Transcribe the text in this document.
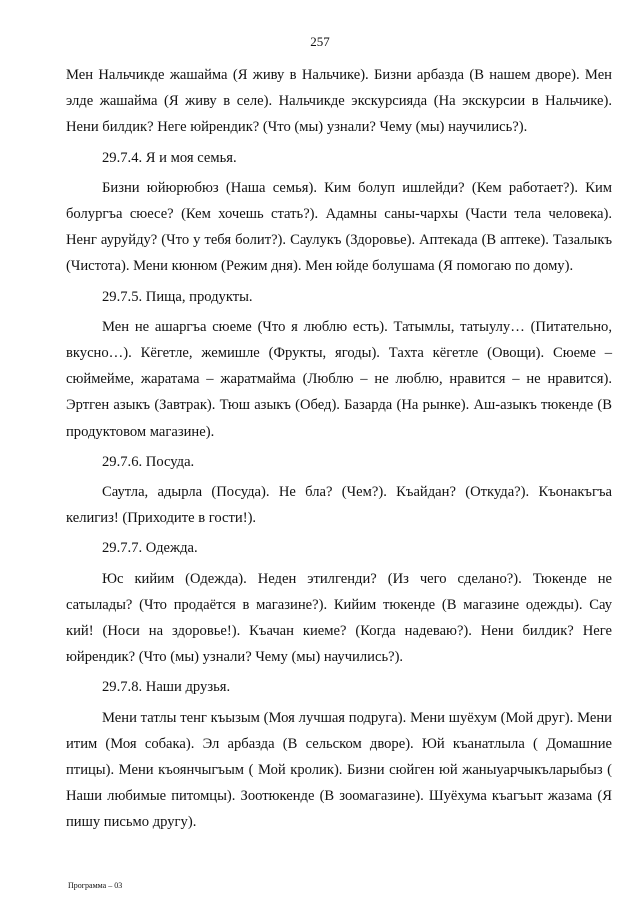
257

Мен Нальчикде жашайма (Я живу в Нальчике). Бизни арбазда (В нашем дворе). Мен элде жашайма (Я живу в селе). Нальчикде экскурсияда (На экскурсии в Нальчике). Нени билдик? Неге юйрендик? (Что (мы) узнали? Чему (мы) научились?).

29.7.4. Я и моя семья.

Бизни юйюрюбюз (Наша семья). Ким болуп ишлейди? (Кем работает?). Ким болургъа сюесе? (Кем хочешь стать?). Адамны саны-чархы (Части тела человека). Ненг ауруйду? (Что у тебя болит?). Саулукъ (Здоровье). Аптекада (В аптеке). Тазалыкъ (Чистота). Мени кюнюм (Режим дня). Мен юйде болушама (Я помогаю по дому).

29.7.5. Пища, продукты.

Мен не ашаргъа сюеме (Что я люблю есть). Татымлы, татыулу… (Питательно, вкусно…). Кёгетле, жемишле (Фрукты, ягоды). Тахта кёгетле (Овощи). Сюеме – сюймейме, жаратама – жаратмайма (Люблю – не люблю, нравится – не нравится). Эртген азыкъ (Завтрак). Тюш азыкъ (Обед). Базарда (На рынке). Аш-азыкъ тюкенде (В продуктовом магазине).

29.7.6. Посуда.

Саутла, адырла (Посуда). Не бла? (Чем?). Къайдан? (Откуда?). Къонакъгъа келигиз! (Приходите в гости!).

29.7.7. Одежда.

Юс кийим (Одежда). Неден этилгенди? (Из чего сделано?). Тюкенде не сатылады? (Что продаётся в магазине?). Кийим тюкенде (В магазине одежды). Сау кий! (Носи на здоровье!). Къачан киеме? (Когда надеваю?). Нени билдик? Неге юйрендик? (Что (мы) узнали? Чему (мы) научились?).

29.7.8. Наши друзья.

Мени татлы тенг къызым (Моя лучшая подруга). Мени шуёхум (Мой друг). Мени итим (Моя собака). Эл арбазда (В сельском дворе). Юй къанатлыла ( Домашние птицы). Мени къоянчыгъым ( Мой кролик). Бизни сюйген юй жаныуарчыкъларыбыз ( Наши любимые питомцы). Зоотюкенде (В зоомагазине). Шуёхума къагъыт жазама (Я пишу письмо другу).

Программа – 03
